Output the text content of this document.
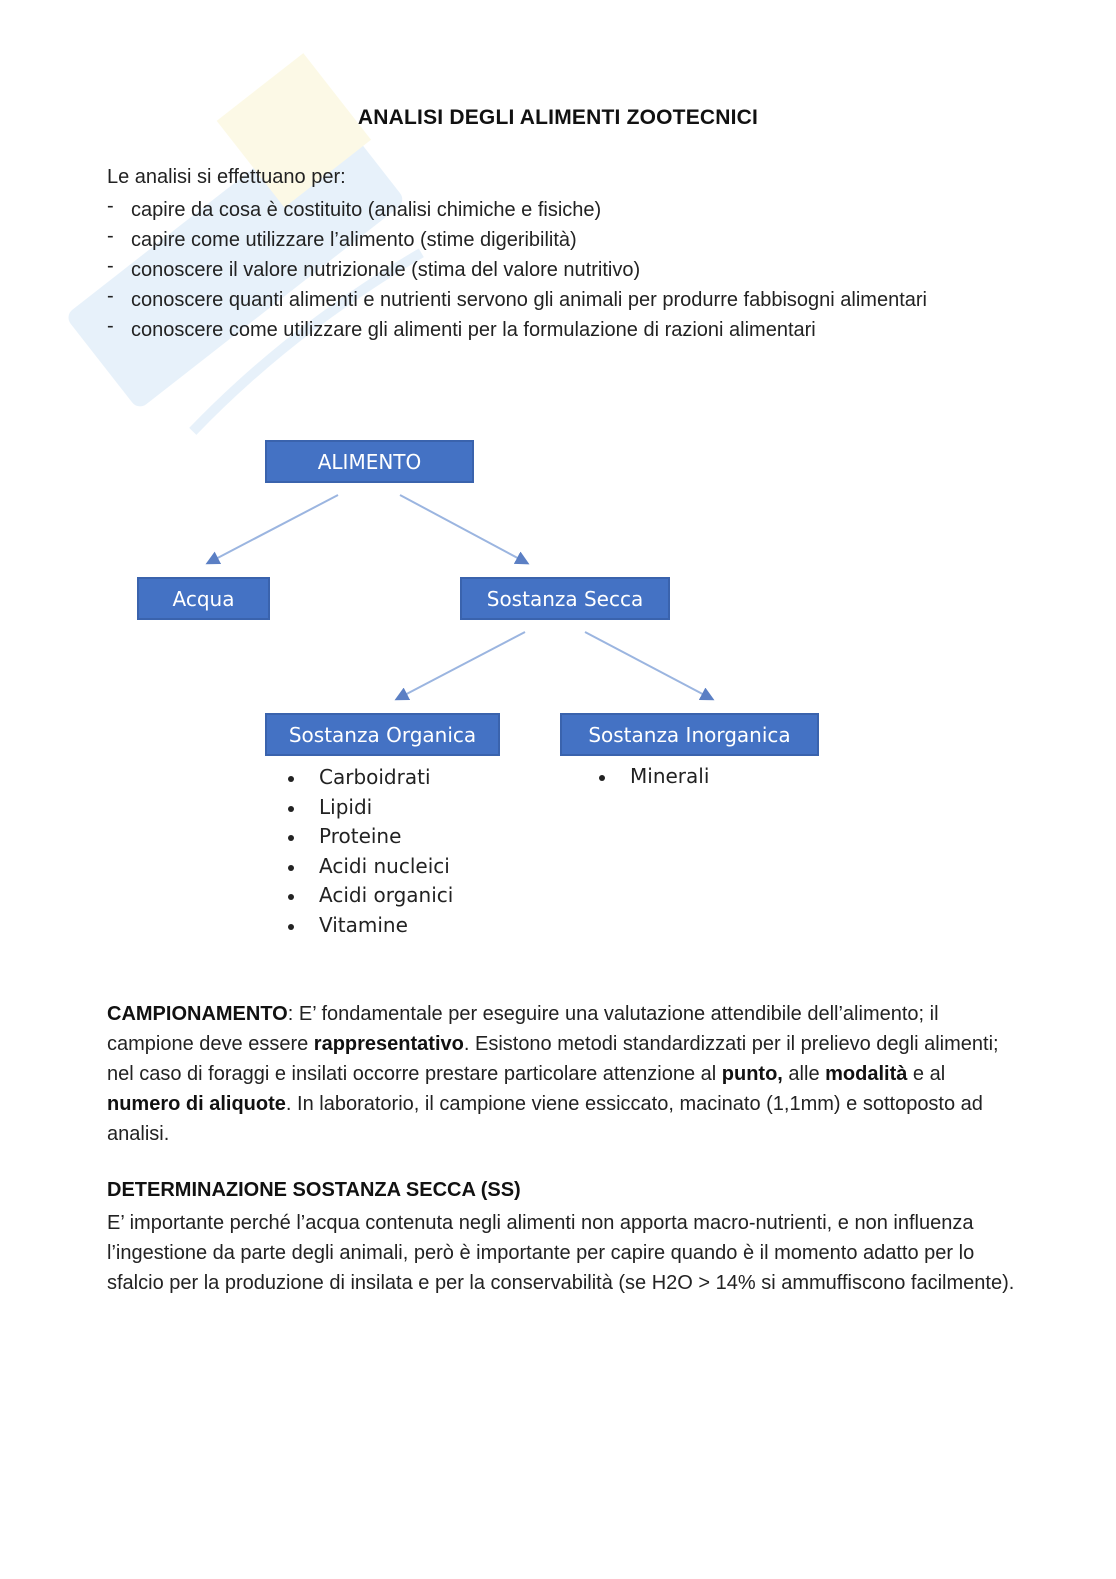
ANALISI DEGLI ALIMENTI ZOOTECNICI
Le analisi si effettuano per:
- capire da cosa è costituito (analisi chimiche e fisiche)
- capire come utilizzare l’alimento (stime digeribilità)
- conoscere il valore nutrizionale (stima del valore nutritivo)
- conoscere quanti alimenti e nutrienti servono gli animali per produrre fabbisogni alimentari
- conoscere come utilizzare gli alimenti per la formulazione di razioni alimentari
ALIMENTO
Acqua	Sostanza Secca
Sostanza Organica	Sostanza Inorganica
Carboidrati
Lipidi
Proteine
Acidi nucleici
Acidi organici
Vitamine
Minerali

CAMPIONAMENTO: E’ fondamentale per eseguire una valutazione attendibile dell’alimento; il campione deve essere rappresentativo. Esistono metodi standardizzati per il prelievo degli alimenti; nel caso di foraggi e insilati occorre prestare particolare attenzione al punto, alle modalità e al numero di aliquote. In laboratorio, il campione viene essiccato, macinato (1,1mm) e sottoposto ad analisi.

DETERMINAZIONE SOSTANZA SECCA (SS)

E’ importante perché l’acqua contenuta negli alimenti non apporta macro-nutrienti, e non influenza l’ingestione da parte degli animali, però è importante per capire quando è il momento adatto per lo sfalcio per la produzione di insilata e per la conservabilità (se H2O > 14% si ammuffiscono facilmente).
